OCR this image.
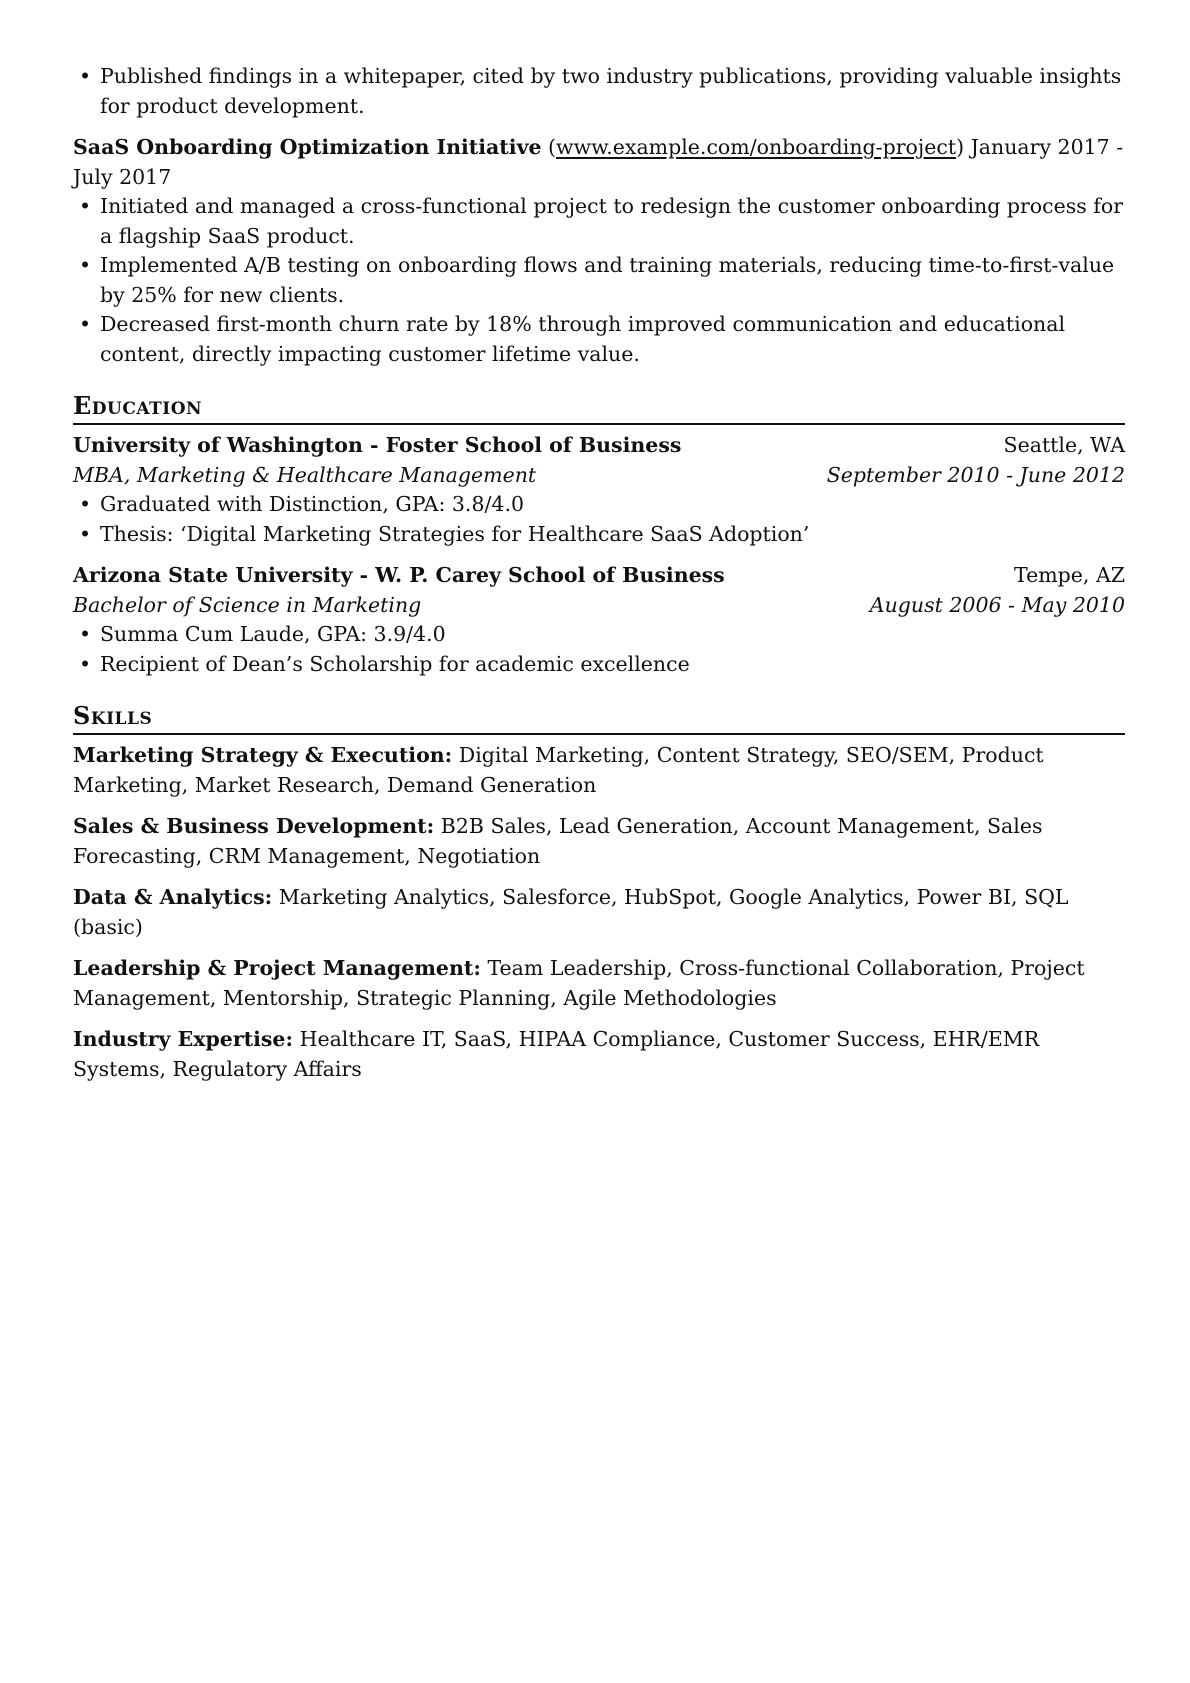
• Published findings in a whitepaper, cited by two industry publications, providing valuable insights for product development.

SaaS Onboarding Optimization Initiative (www.example.com/onboarding-project) January 2017 - July 2017

• Initiated and managed a cross-functional project to redesign the customer onboarding process for a flagship SaaS product.
• Implemented A/B testing on onboarding flows and training materials, reducing time-to-first-value by 25% for new clients.
• Decreased first-month churn rate by 18% through improved communication and educational content, directly impacting customer lifetime value.
Education
University of Washington - Foster School of Business	Seattle, WA
MBA, Marketing & Healthcare Management	September 2010 - June 2012
• Graduated with Distinction, GPA: 3.8/4.0
• Thesis: ‘Digital Marketing Strategies for Healthcare SaaS Adoption’
Arizona State University - W. P. Carey School of Business	Tempe, AZ
Bachelor of Science in Marketing	August 2006 - May 2010
• Summa Cum Laude, GPA: 3.9/4.0
• Recipient of Dean’s Scholarship for academic excellence
Skills

Marketing Strategy & Execution: Digital Marketing, Content Strategy, SEO/SEM, Product Marketing, Market Research, Demand Generation

Sales & Business Development: B2B Sales, Lead Generation, Account Management, Sales Forecasting, CRM Management, Negotiation

Data & Analytics: Marketing Analytics, Salesforce, HubSpot, Google Analytics, Power BI, SQL (basic)

Leadership & Project Management: Team Leadership, Cross-functional Collaboration, Project Management, Mentorship, Strategic Planning, Agile Methodologies

Industry Expertise: Healthcare IT, SaaS, HIPAA Compliance, Customer Success, EHR/EMR Systems, Regulatory Affairs
